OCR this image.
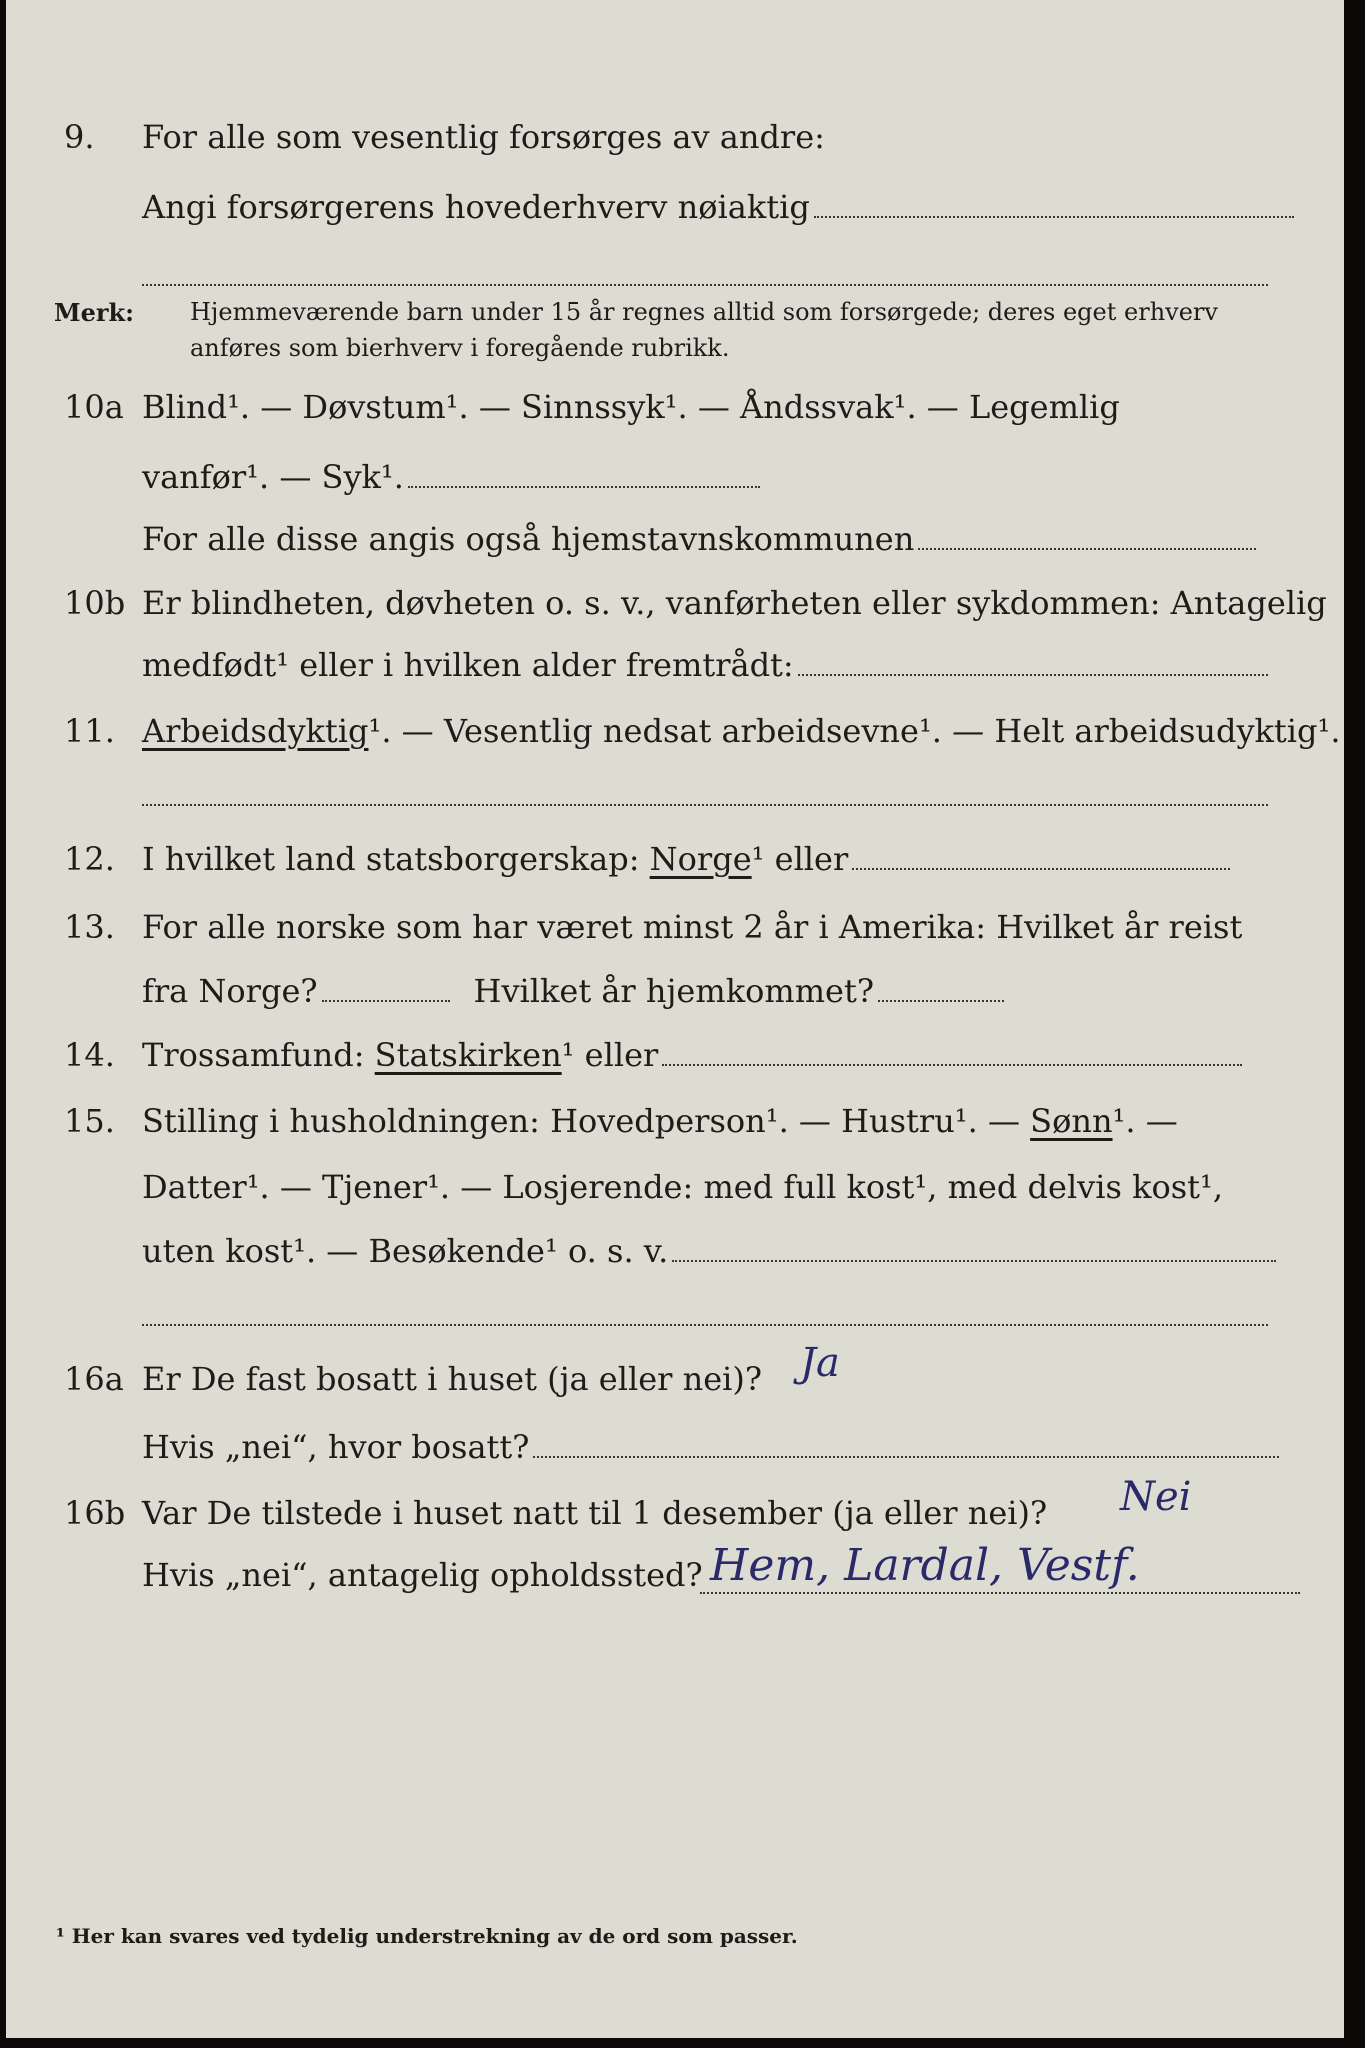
9. For alle som vesentlig forsørges av andre:
Angi forsørgerens hovederhverv nøiaktig
Merk: Hjemmeværende barn under 15 år regnes alltid som forsørgede; deres eget erhverv
anføres som bierhverv i foregående rubrikk.
10a Blind¹. — Døvstum¹. — Sinnssyk¹. — Åndssvak¹. — Legemlig
vanfør¹. — Syk¹.
For alle disse angis også hjemstavnskommunen
10b Er blindheten, døvheten o. s. v., vanførheten eller sykdommen: Antagelig
medfødt¹ eller i hvilken alder fremtrådt:
11. Arbeidsdyktig¹. — Vesentlig nedsat arbeidsevne¹. — Helt arbeidsudyktig¹.
12. I hvilket land statsborgerskap: Norge¹ eller
13. For alle norske som har været minst 2 år i Amerika: Hvilket år reist
fra Norge?	Hvilket år hjemkommet?
14. Trossamfund: Statskirken¹ eller
15. Stilling i husholdningen: Hovedperson¹. — Hustru¹. — Sønn¹. —
Datter¹. — Tjener¹. — Losjerende: med full kost¹, med delvis kost¹,
uten kost¹. — Besøkende¹ o. s. v.
16a Er De fast bosatt i huset (ja eller nei)? Ja
Hvis „nei“, hvor bosatt?
16b Var De tilstede i huset natt til 1 desember (ja eller nei)? Nei
Hvis „nei“, antagelig opholdssted? Hem, Lardal, Vestf.
¹ Her kan svares ved tydelig understrekning av de ord som passer.
